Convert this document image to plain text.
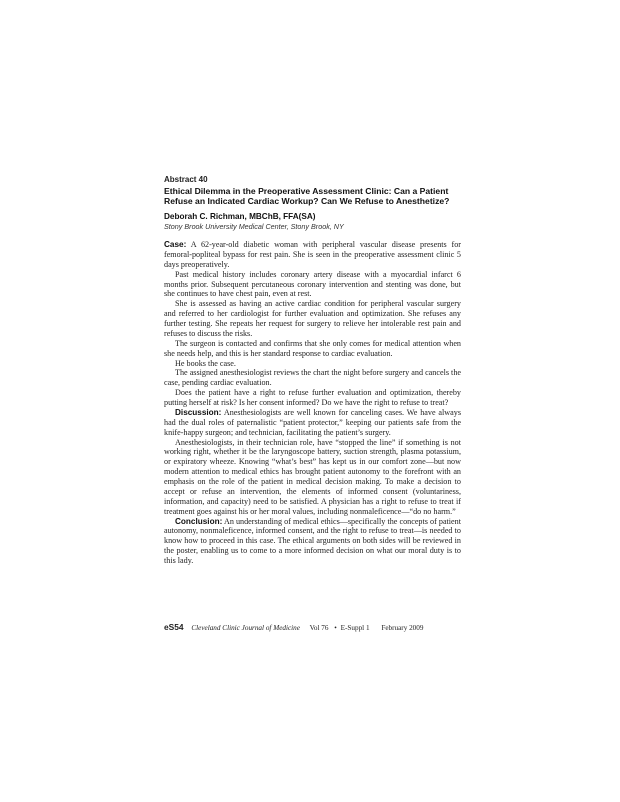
Abstract 40
Ethical Dilemma in the Preoperative Assessment Clinic: Can a Patient Refuse an Indicated Cardiac Workup? Can We Refuse to Anesthetize?
Deborah C. Richman, MBChB, FFA(SA)
Stony Brook University Medical Center, Stony Brook, NY

Case: A 62-year-old diabetic woman with peripheral vascular disease presents for femoral-popliteal bypass for rest pain. She is seen in the preoperative assessment clinic 5 days preoperatively.

Past medical history includes coronary artery disease with a myocardial infarct 6 months prior. Subsequent percutaneous coronary intervention and stenting was done, but she continues to have chest pain, even at rest.

She is assessed as having an active cardiac condition for peripheral vascular surgery and referred to her cardiologist for further evaluation and optimization. She refuses any further testing. She repeats her request for surgery to relieve her intolerable rest pain and refuses to discuss the risks.

The surgeon is contacted and confirms that she only comes for medical attention when she needs help, and this is her standard response to cardiac evaluation.

He books the case.

The assigned anesthesiologist reviews the chart the night before surgery and cancels the case, pending cardiac evaluation.

Does the patient have a right to refuse further evaluation and optimization, thereby putting herself at risk? Is her consent informed? Do we have the right to refuse to treat?

Discussion: Anesthesiologists are well known for canceling cases. We have always had the dual roles of paternalistic “patient protector,” keeping our patients safe from the knife-happy surgeon; and technician, facilitating the patient’s surgery.

Anesthesiologists, in their technician role, have “stopped the line” if something is not working right, whether it be the laryngoscope battery, suction strength, plasma potassium, or expiratory wheeze. Knowing “what’s best” has kept us in our comfort zone—but now modern attention to medical ethics has brought patient autonomy to the forefront with an emphasis on the role of the patient in medical decision making. To make a decision to accept or refuse an intervention, the elements of informed consent (voluntariness, information, and capacity) need to be satisfied. A physician has a right to refuse to treat if treatment goes against his or her moral values, including nonmaleficence—“do no harm.”

Conclusion: An understanding of medical ethics—specifically the concepts of patient autonomy, nonmaleficence, informed consent, and the right to refuse to treat—is needed to know how to proceed in this case. The ethical arguments on both sides will be reviewed in the poster, enabling us to come to a more informed decision on what our moral duty is to this lady.

eS54 Cleveland Clinic Journal of Medicine Vol 76 • E-Suppl 1 February 2009
